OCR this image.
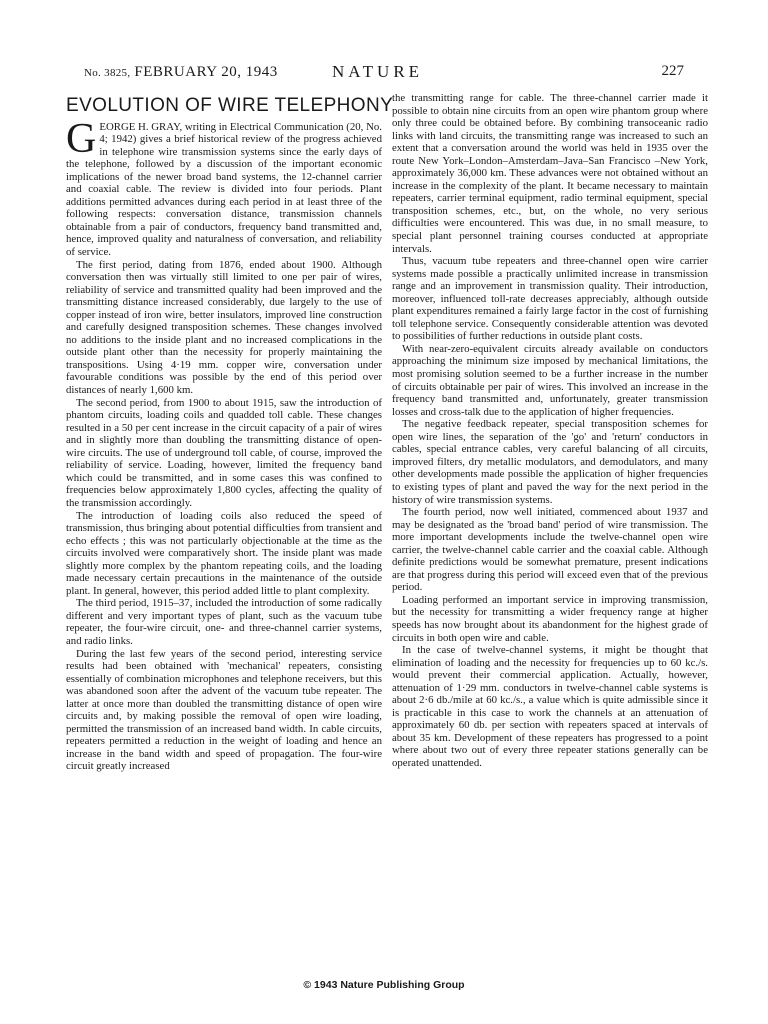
No. 3825, FEBRUARY 20, 1943	NATURE	227
EVOLUTION OF WIRE TELEPHONY

GEORGE H. GRAY, writing in Electrical Communication (20, No. 4; 1942) gives a brief historical review of the progress achieved in telephone wire transmission systems since the early days of the telephone, followed by a discussion of the important economic implications of the newer broad band systems, the 12-channel carrier and coaxial cable. The review is divided into four periods. Plant additions permitted advances during each period in at least three of the following respects: conversation distance, transmission channels obtainable from a pair of conductors, frequency band transmitted and, hence, improved quality and naturalness of conversation, and reliability of service.

The first period, dating from 1876, ended about 1900. Although conversation then was virtually still limited to one per pair of wires, reliability of service and transmitted quality had been improved and the transmitting distance increased considerably, due largely to the use of copper instead of iron wire, better insulators, improved line construction and carefully designed transposition schemes. These changes involved no additions to the inside plant and no increased complications in the outside plant other than the necessity for properly maintaining the transpositions. Using 4·19 mm. copper wire, conversation under favourable conditions was possible by the end of this period over distances of nearly 1,600 km.

The second period, from 1900 to about 1915, saw the introduction of phantom circuits, loading coils and quadded toll cable. These changes resulted in a 50 per cent increase in the circuit capacity of a pair of wires and in slightly more than doubling the transmitting distance of open-wire circuits. The use of underground toll cable, of course, improved the reliability of service. Loading, however, limited the frequency band which could be transmitted, and in some cases this was confined to frequencies below approximately 1,800 cycles, affecting the quality of the transmission accordingly.

The introduction of loading coils also reduced the speed of transmission, thus bringing about potential difficulties from transient and echo effects ; this was not particularly objectionable at the time as the circuits involved were comparatively short. The inside plant was made slightly more complex by the phantom repeating coils, and the loading made necessary certain precautions in the maintenance of the outside plant. In general, however, this period added little to plant complexity.

The third period, 1915–37, included the introduction of some radically different and very important types of plant, such as the vacuum tube repeater, the four-wire circuit, one- and three-channel carrier systems, and radio links.

During the last few years of the second period, interesting service results had been obtained with 'mechanical' repeaters, consisting essentially of combination microphones and telephone receivers, but this was abandoned soon after the advent of the vacuum tube repeater. The latter at once more than doubled the transmitting distance of open wire circuits and, by making possible the removal of open wire loading, permitted the transmission of an increased band width. In cable circuits, repeaters permitted a reduction in the weight of loading and hence an increase in the band width and speed of propagation. The four-wire circuit greatly increased

the transmitting range for cable. The three-channel carrier made it possible to obtain nine circuits from an open wire phantom group where only three could be obtained before. By combining transoceanic radio links with land circuits, the transmitting range was increased to such an extent that a conversation around the world was held in 1935 over the route New York–London–Amsterdam–Java–San Francisco –New York, approximately 36,000 km. These advances were not obtained without an increase in the complexity of the plant. It became necessary to maintain repeaters, carrier terminal equipment, radio terminal equipment, special transposition schemes, etc., but, on the whole, no very serious difficulties were encountered. This was due, in no small measure, to special plant personnel training courses conducted at appropriate intervals.

Thus, vacuum tube repeaters and three-channel open wire carrier systems made possible a practically unlimited increase in transmission range and an improvement in transmission quality. Their introduction, moreover, influenced toll-rate decreases appreciably, although outside plant expenditures remained a fairly large factor in the cost of furnishing toll telephone service. Consequently considerable attention was devoted to possibilities of further reductions in outside plant costs.

With near-zero-equivalent circuits already available on conductors approaching the minimum size imposed by mechanical limitations, the most promising solution seemed to be a further increase in the number of circuits obtainable per pair of wires. This involved an increase in the frequency band transmitted and, unfortunately, greater transmission losses and cross-talk due to the application of higher frequencies.

The negative feedback repeater, special transposition schemes for open wire lines, the separation of the 'go' and 'return' conductors in cables, special entrance cables, very careful balancing of all circuits, improved filters, dry metallic modulators, and demodulators, and many other developments made possible the application of higher frequencies to existing types of plant and paved the way for the next period in the history of wire transmission systems.

The fourth period, now well initiated, commenced about 1937 and may be designated as the 'broad band' period of wire transmission. The more important developments include the twelve-channel open wire carrier, the twelve-channel cable carrier and the coaxial cable. Although definite predictions would be somewhat premature, present indications are that progress during this period will exceed even that of the previous period.

Loading performed an important service in improving transmission, but the necessity for transmitting a wider frequency range at higher speeds has now brought about its abandonment for the highest grade of circuits in both open wire and cable.

In the case of twelve-channel systems, it might be thought that elimination of loading and the necessity for frequencies up to 60 kc./s. would prevent their commercial application. Actually, however, attenuation of 1·29 mm. conductors in twelve-channel cable systems is about 2·6 db./mile at 60 kc./s., a value which is quite admissible since it is practicable in this case to work the channels at an attenuation of approximately 60 db. per section with repeaters spaced at intervals of about 35 km. Development of these repeaters has progressed to a point where about two out of every three repeater stations generally can be operated unattended.

© 1943 Nature Publishing Group
